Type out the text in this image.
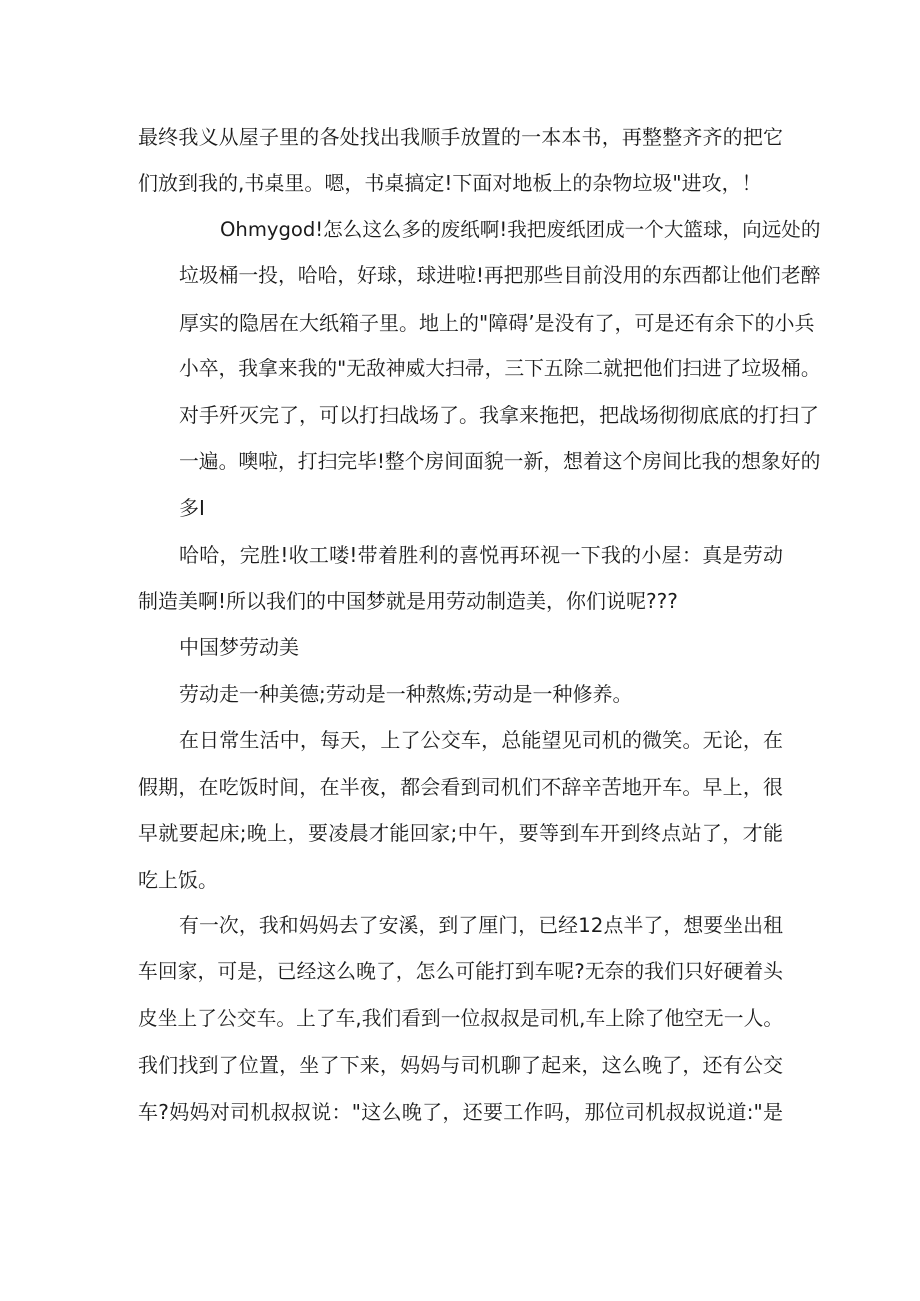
最终我义从屋子里的各处找出我顺手放置的一本本书，再整整齐齐的把它
们放到我的,书桌里。嗯，书桌搞定!下面对地板上的杂物垃圾"进攻，！
Ohmygod!怎么这么多的废纸啊!我把废纸团成一个大篮球，向远处的
垃圾桶一投，哈哈，好球，球进啦!再把那些目前没用的东西都让他们老醉
厚实的隐居在大纸箱子里。地上的"障碍’是没有了，可是还有余下的小兵
小卒，我拿来我的"无敌神威大扫帚，三下五除二就把他们扫进了垃圾桶。
对手歼灭完了，可以打扫战场了。我拿来拖把，把战场彻彻底底的打扫了
一遍。噢啦，打扫完毕!整个房间面貌一新，想着这个房间比我的想象好的
多I
哈哈，完胜!收工喽!带着胜利的喜悦再环视一下我的小屋：真是劳动
制造美啊!所以我们的中国梦就是用劳动制造美，你们说呢???
中国梦劳动美
劳动走一种美德;劳动是一种熬炼;劳动是一种修养。
在日常生活中，每天，上了公交车，总能望见司机的微笑。无论，在
假期，在吃饭时间，在半夜，都会看到司机们不辞辛苦地开车。早上，很
早就要起床;晚上，要凌晨才能回家;中午，要等到车开到终点站了，才能
吃上饭。
有一次，我和妈妈去了安溪，到了厘门，已经12点半了，想要坐出租
车回家，可是，已经这么晚了，怎么可能打到车呢?无奈的我们只好硬着头
皮坐上了公交车。上了车,我们看到一位叔叔是司机,车上除了他空无一人。
我们找到了位置，坐了下来，妈妈与司机聊了起来，这么晚了，还有公交
车?妈妈对司机叔叔说："这么晚了，还要工作吗，那位司机叔叔说道:"是
